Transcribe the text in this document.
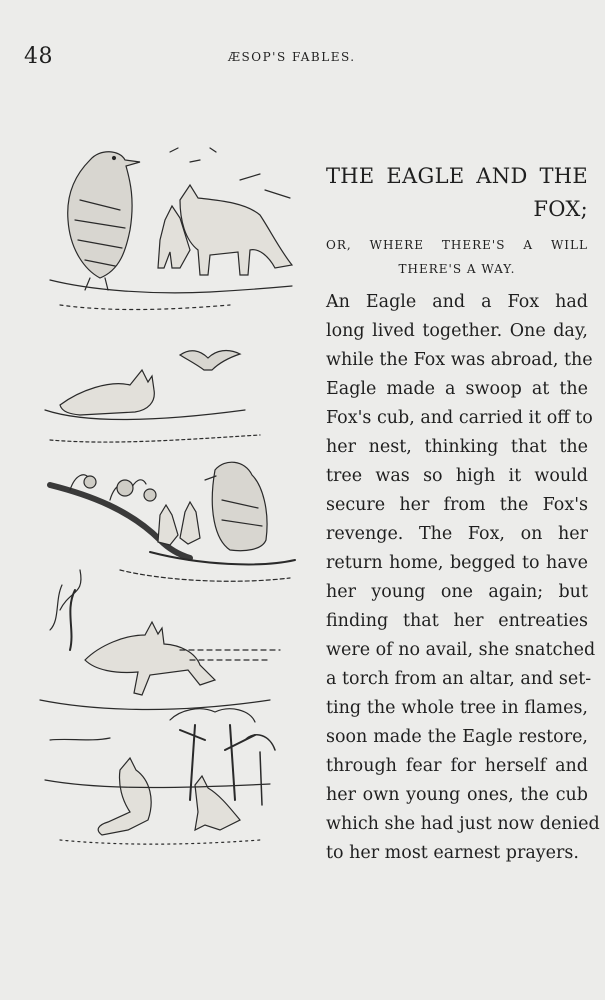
48	ÆSOP'S FABLES.
THE EAGLE AND THE FOX;
OR, WHERE THERE'S A WILL THERE'S A WAY.
An Eagle and a Fox had
long lived together. One day,
while the Fox was abroad, the
Eagle made a swoop at the
Fox's cub, and carried it off to
her nest, thinking that the
tree was so high it would
secure her from the Fox's
revenge. The Fox, on her
return home, begged to have
her young one again; but
finding that her entreaties
were of no avail, she snatched
a torch from an altar, and set-
ting the whole tree in flames,
soon made the Eagle restore,
through fear for herself and
her own young ones, the cub
which she had just now denied
to her most earnest prayers.
